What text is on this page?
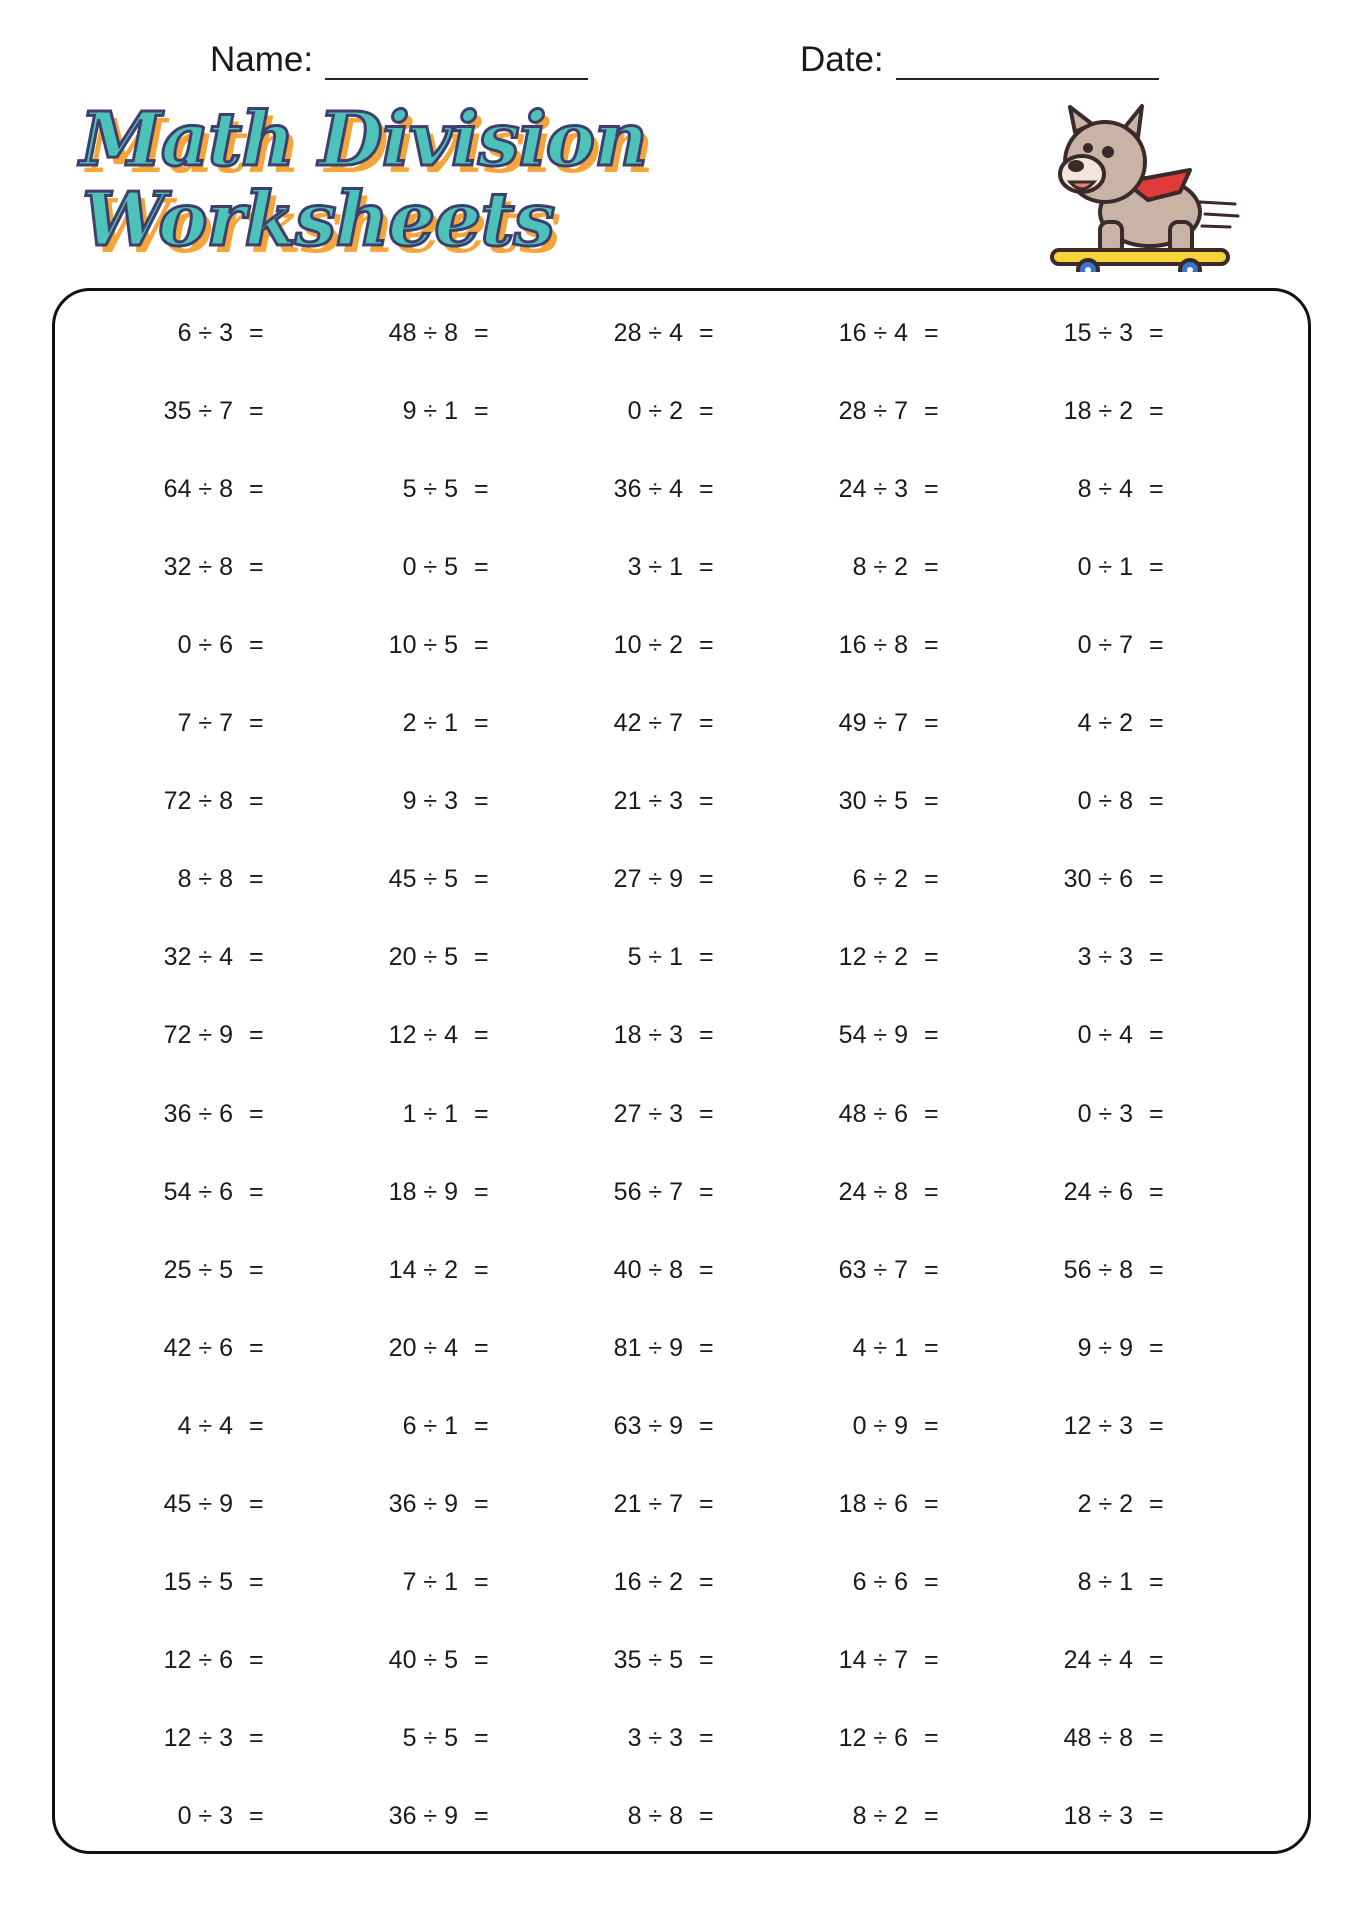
Name:	Date:
Math Division
Worksheets
6 ÷ 3 =	48 ÷ 8 =	28 ÷ 4 =	16 ÷ 4 =	15 ÷ 3 =
35 ÷ 7 =	9 ÷ 1 =	0 ÷ 2 =	28 ÷ 7 =	18 ÷ 2 =
64 ÷ 8 =	5 ÷ 5 =	36 ÷ 4 =	24 ÷ 3 =	8 ÷ 4 =
32 ÷ 8 =	0 ÷ 5 =	3 ÷ 1 =	8 ÷ 2 =	0 ÷ 1 =
0 ÷ 6 =	10 ÷ 5 =	10 ÷ 2 =	16 ÷ 8 =	0 ÷ 7 =
7 ÷ 7 =	2 ÷ 1 =	42 ÷ 7 =	49 ÷ 7 =	4 ÷ 2 =
72 ÷ 8 =	9 ÷ 3 =	21 ÷ 3 =	30 ÷ 5 =	0 ÷ 8 =
8 ÷ 8 =	45 ÷ 5 =	27 ÷ 9 =	6 ÷ 2 =	30 ÷ 6 =
32 ÷ 4 =	20 ÷ 5 =	5 ÷ 1 =	12 ÷ 2 =	3 ÷ 3 =
72 ÷ 9 =	12 ÷ 4 =	18 ÷ 3 =	54 ÷ 9 =	0 ÷ 4 =
36 ÷ 6 =	1 ÷ 1 =	27 ÷ 3 =	48 ÷ 6 =	0 ÷ 3 =
54 ÷ 6 =	18 ÷ 9 =	56 ÷ 7 =	24 ÷ 8 =	24 ÷ 6 =
25 ÷ 5 =	14 ÷ 2 =	40 ÷ 8 =	63 ÷ 7 =	56 ÷ 8 =
42 ÷ 6 =	20 ÷ 4 =	81 ÷ 9 =	4 ÷ 1 =	9 ÷ 9 =
4 ÷ 4 =	6 ÷ 1 =	63 ÷ 9 =	0 ÷ 9 =	12 ÷ 3 =
45 ÷ 9 =	36 ÷ 9 =	21 ÷ 7 =	18 ÷ 6 =	2 ÷ 2 =
15 ÷ 5 =	7 ÷ 1 =	16 ÷ 2 =	6 ÷ 6 =	8 ÷ 1 =
12 ÷ 6 =	40 ÷ 5 =	35 ÷ 5 =	14 ÷ 7 =	24 ÷ 4 =
12 ÷ 3 =	5 ÷ 5 =	3 ÷ 3 =	12 ÷ 6 =	48 ÷ 8 =
0 ÷ 3 =	36 ÷ 9 =	8 ÷ 8 =	8 ÷ 2 =	18 ÷ 3 =
